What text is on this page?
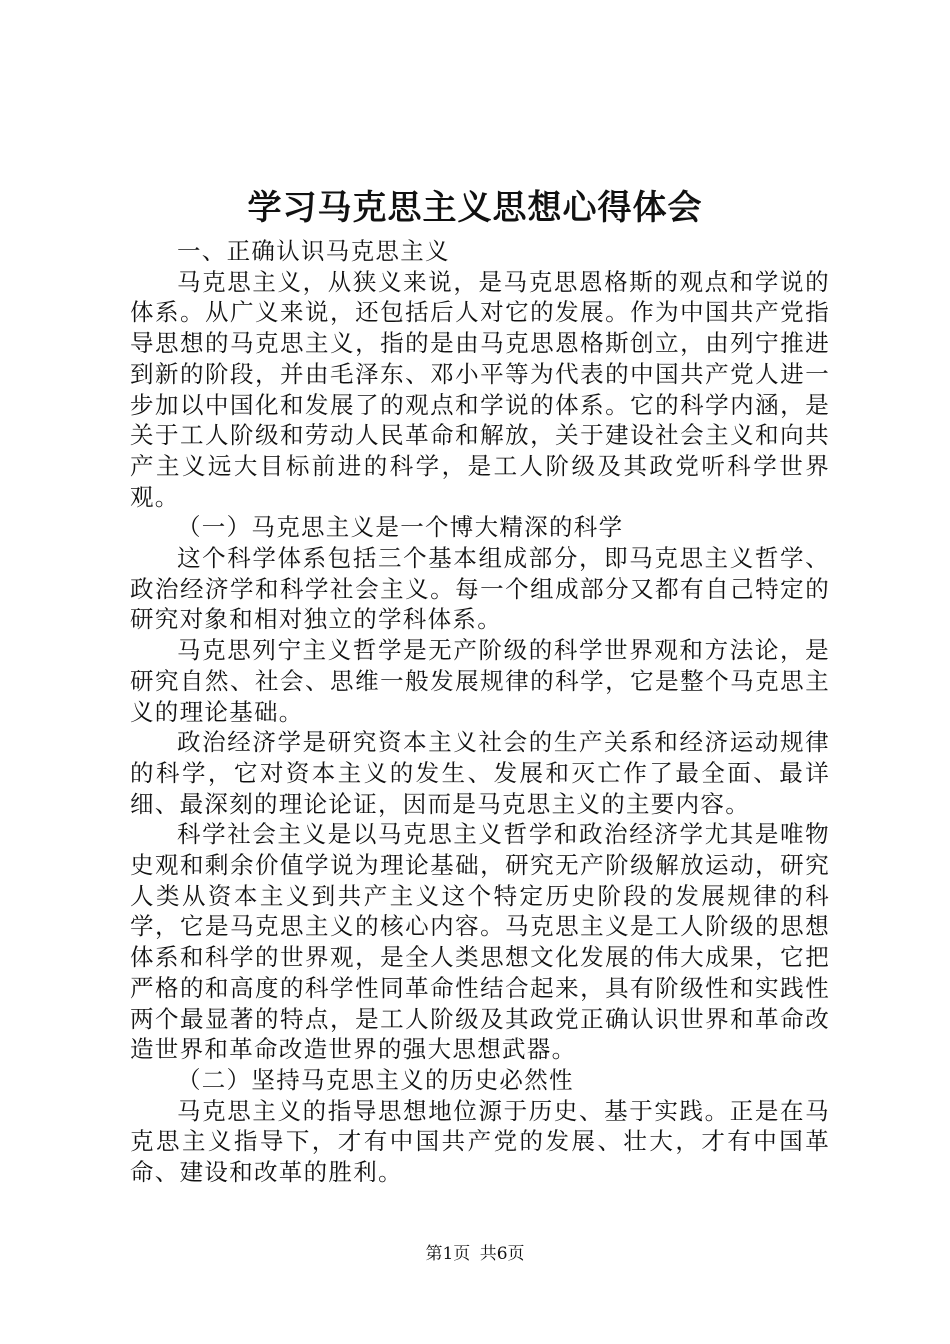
学习马克思主义思想心得体会

一、正确认识马克思主义

马克思主义，从狭义来说，是马克思恩格斯的观点和学说的体系。从广义来说，还包括后人对它的发展。作为中国共产党指导思想的马克思主义，指的是由马克思恩格斯创立，由列宁推进到新的阶段，并由毛泽东、邓小平等为代表的中国共产党人进一步加以中国化和发展了的观点和学说的体系。它的科学内涵，是关于工人阶级和劳动人民革命和解放，关于建设社会主义和向共产主义远大目标前进的科学，是工人阶级及其政党听科学世界观。

（一）马克思主义是一个博大精深的科学

这个科学体系包括三个基本组成部分，即马克思主义哲学、政治经济学和科学社会主义。每一个组成部分又都有自己特定的研究对象和相对独立的学科体系。

马克思列宁主义哲学是无产阶级的科学世界观和方法论，是研究自然、社会、思维一般发展规律的科学，它是整个马克思主义的理论基础。

政治经济学是研究资本主义社会的生产关系和经济运动规律的科学，它对资本主义的发生、发展和灭亡作了最全面、最详细、最深刻的理论论证，因而是马克思主义的主要内容。

科学社会主义是以马克思主义哲学和政治经济学尤其是唯物史观和剩余价值学说为理论基础，研究无产阶级解放运动，研究人类从资本主义到共产主义这个特定历史阶段的发展规律的科学，它是马克思主义的核心内容。马克思主义是工人阶级的思想体系和科学的世界观，是全人类思想文化发展的伟大成果，它把严格的和高度的科学性同革命性结合起来，具有阶级性和实践性两个最显著的特点，是工人阶级及其政党正确认识世界和革命改造世界和革命改造世界的强大思想武器。

（二）坚持马克思主义的历史必然性

马克思主义的指导思想地位源于历史、基于实践。正是在马克思主义指导下，才有中国共产党的发展、壮大，才有中国革命、建设和改革的胜利。

第1页 共6页
